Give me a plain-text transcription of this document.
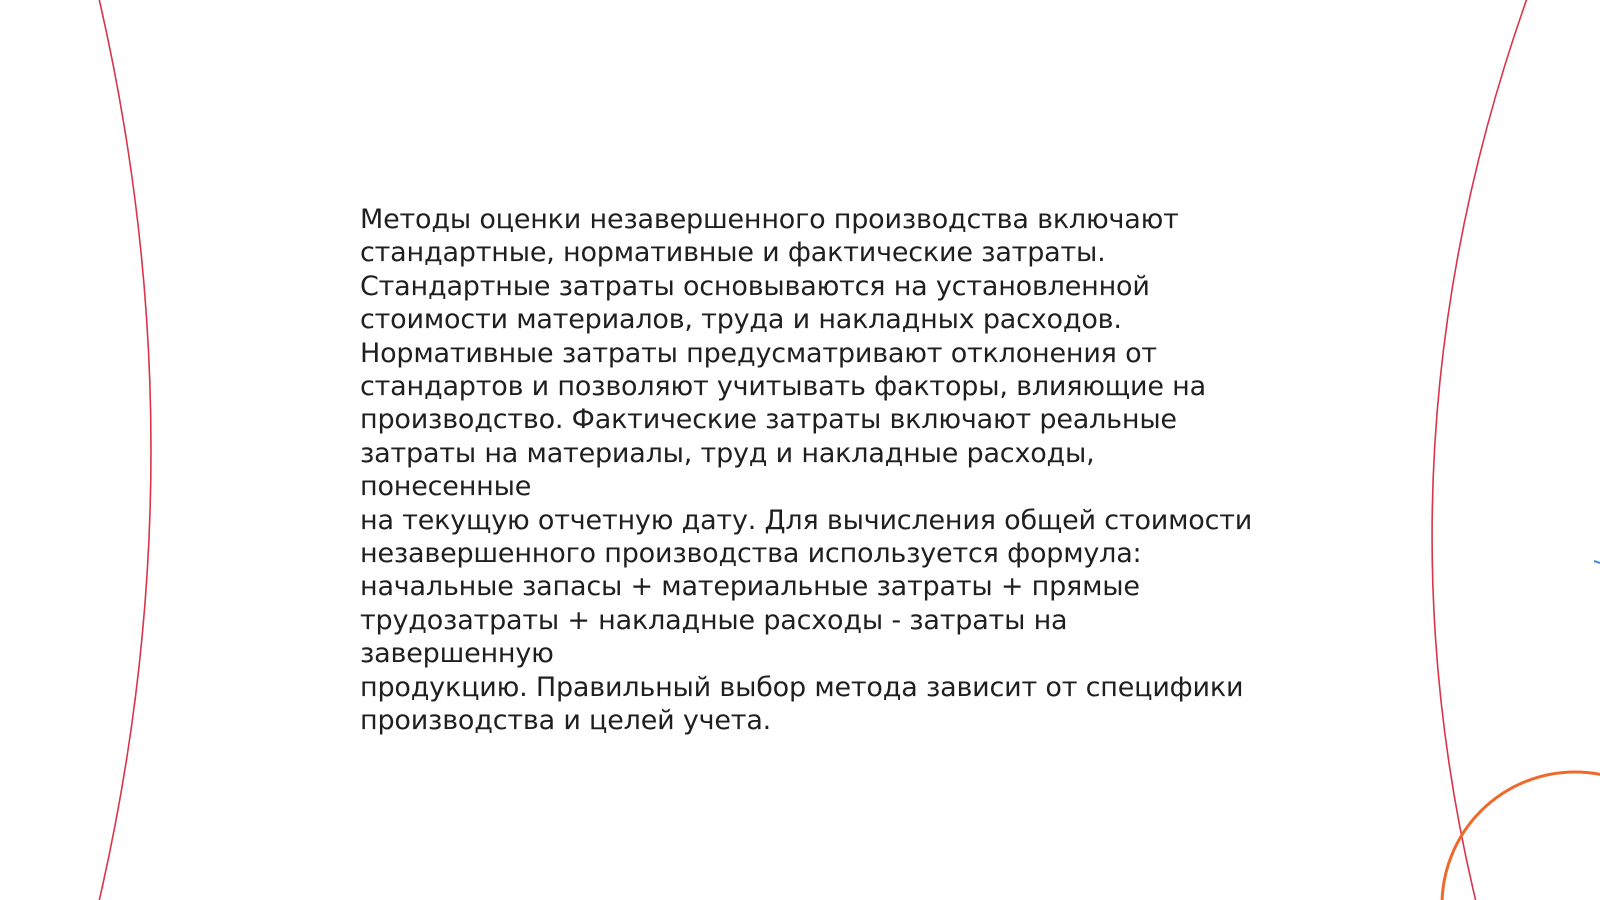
Методы оценки незавершенного производства включают
стандартные, нормативные и фактические затраты.
Стандартные затраты основываются на установленной
стоимости материалов, труда и накладных расходов.
Нормативные затраты предусматривают отклонения от
стандартов и позволяют учитывать факторы, влияющие на
производство. Фактические затраты включают реальные
затраты на материалы, труд и накладные расходы, понесенные
на текущую отчетную дату. Для вычисления общей стоимости
незавершенного производства используется формула:
начальные запасы + материальные затраты + прямые
трудозатраты + накладные расходы - затраты на завершенную
продукцию. Правильный выбор метода зависит от специфики
производства и целей учета.
